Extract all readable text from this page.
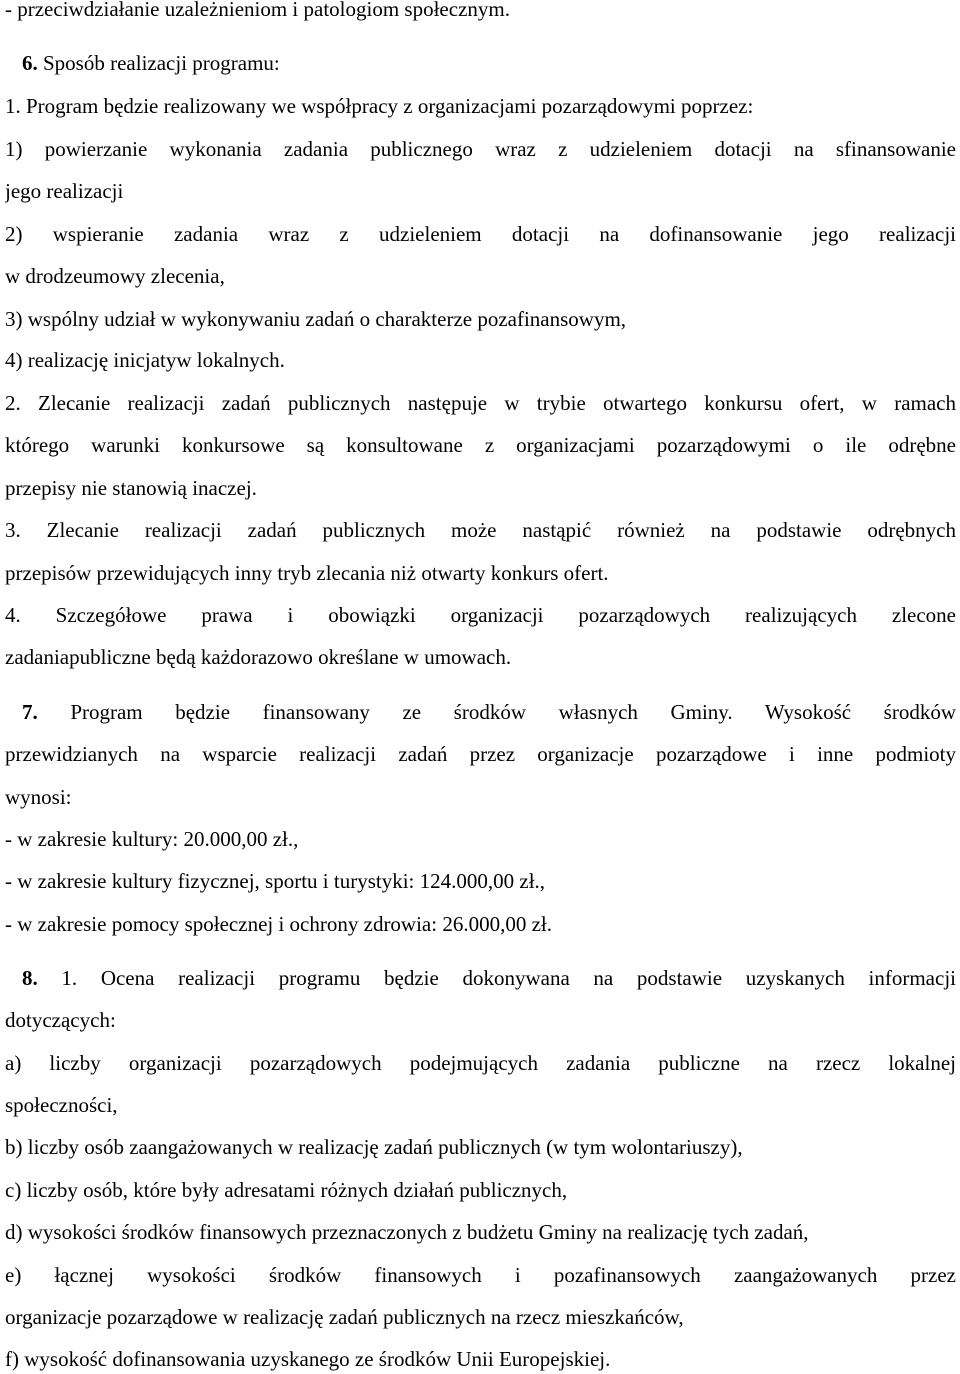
- przeciwdziałanie uzależnieniom i patologiom społecznym.
6. Sposób realizacji programu:
1. Program będzie realizowany we współpracy z organizacjami pozarządowymi poprzez:
1) powierzanie wykonania zadania publicznego wraz z udzieleniem dotacji na sfinansowanie
jego realizacji
2) wspieranie zadania wraz z udzieleniem dotacji na dofinansowanie jego realizacji
w drodzeumowy zlecenia,
3) wspólny udział w wykonywaniu zadań o charakterze pozafinansowym,
4) realizację inicjatyw lokalnych.
2. Zlecanie realizacji zadań publicznych następuje w trybie otwartego konkursu ofert, w ramach
którego warunki konkursowe są konsultowane z organizacjami pozarządowymi o ile odrębne
przepisy nie stanowią inaczej.
3. Zlecanie realizacji zadań publicznych może nastąpić również na podstawie odrębnych
przepisów przewidujących inny tryb zlecania niż otwarty konkurs ofert.
4. Szczegółowe prawa i obowiązki organizacji pozarządowych realizujących zlecone
zadaniapubliczne będą każdorazowo określane w umowach.
7. Program będzie finansowany ze środków własnych Gminy. Wysokość środków
przewidzianych na wsparcie realizacji zadań przez organizacje pozarządowe i inne podmioty
wynosi:
- w zakresie kultury: 20.000,00 zł.,
- w zakresie kultury fizycznej, sportu i turystyki: 124.000,00 zł.,
- w zakresie pomocy społecznej i ochrony zdrowia: 26.000,00 zł.
8. 1. Ocena realizacji programu będzie dokonywana na podstawie uzyskanych informacji
dotyczących:
a) liczby organizacji pozarządowych podejmujących zadania publiczne na rzecz lokalnej
społeczności,
b) liczby osób zaangażowanych w realizację zadań publicznych (w tym wolontariuszy),
c) liczby osób, które były adresatami różnych działań publicznych,
d) wysokości środków finansowych przeznaczonych z budżetu Gminy na realizację tych zadań,
e) łącznej wysokości środków finansowych i pozafinansowych zaangażowanych przez
organizacje pozarządowe w realizację zadań publicznych na rzecz mieszkańców,
f) wysokość dofinansowania uzyskanego ze środków Unii Europejskiej.
